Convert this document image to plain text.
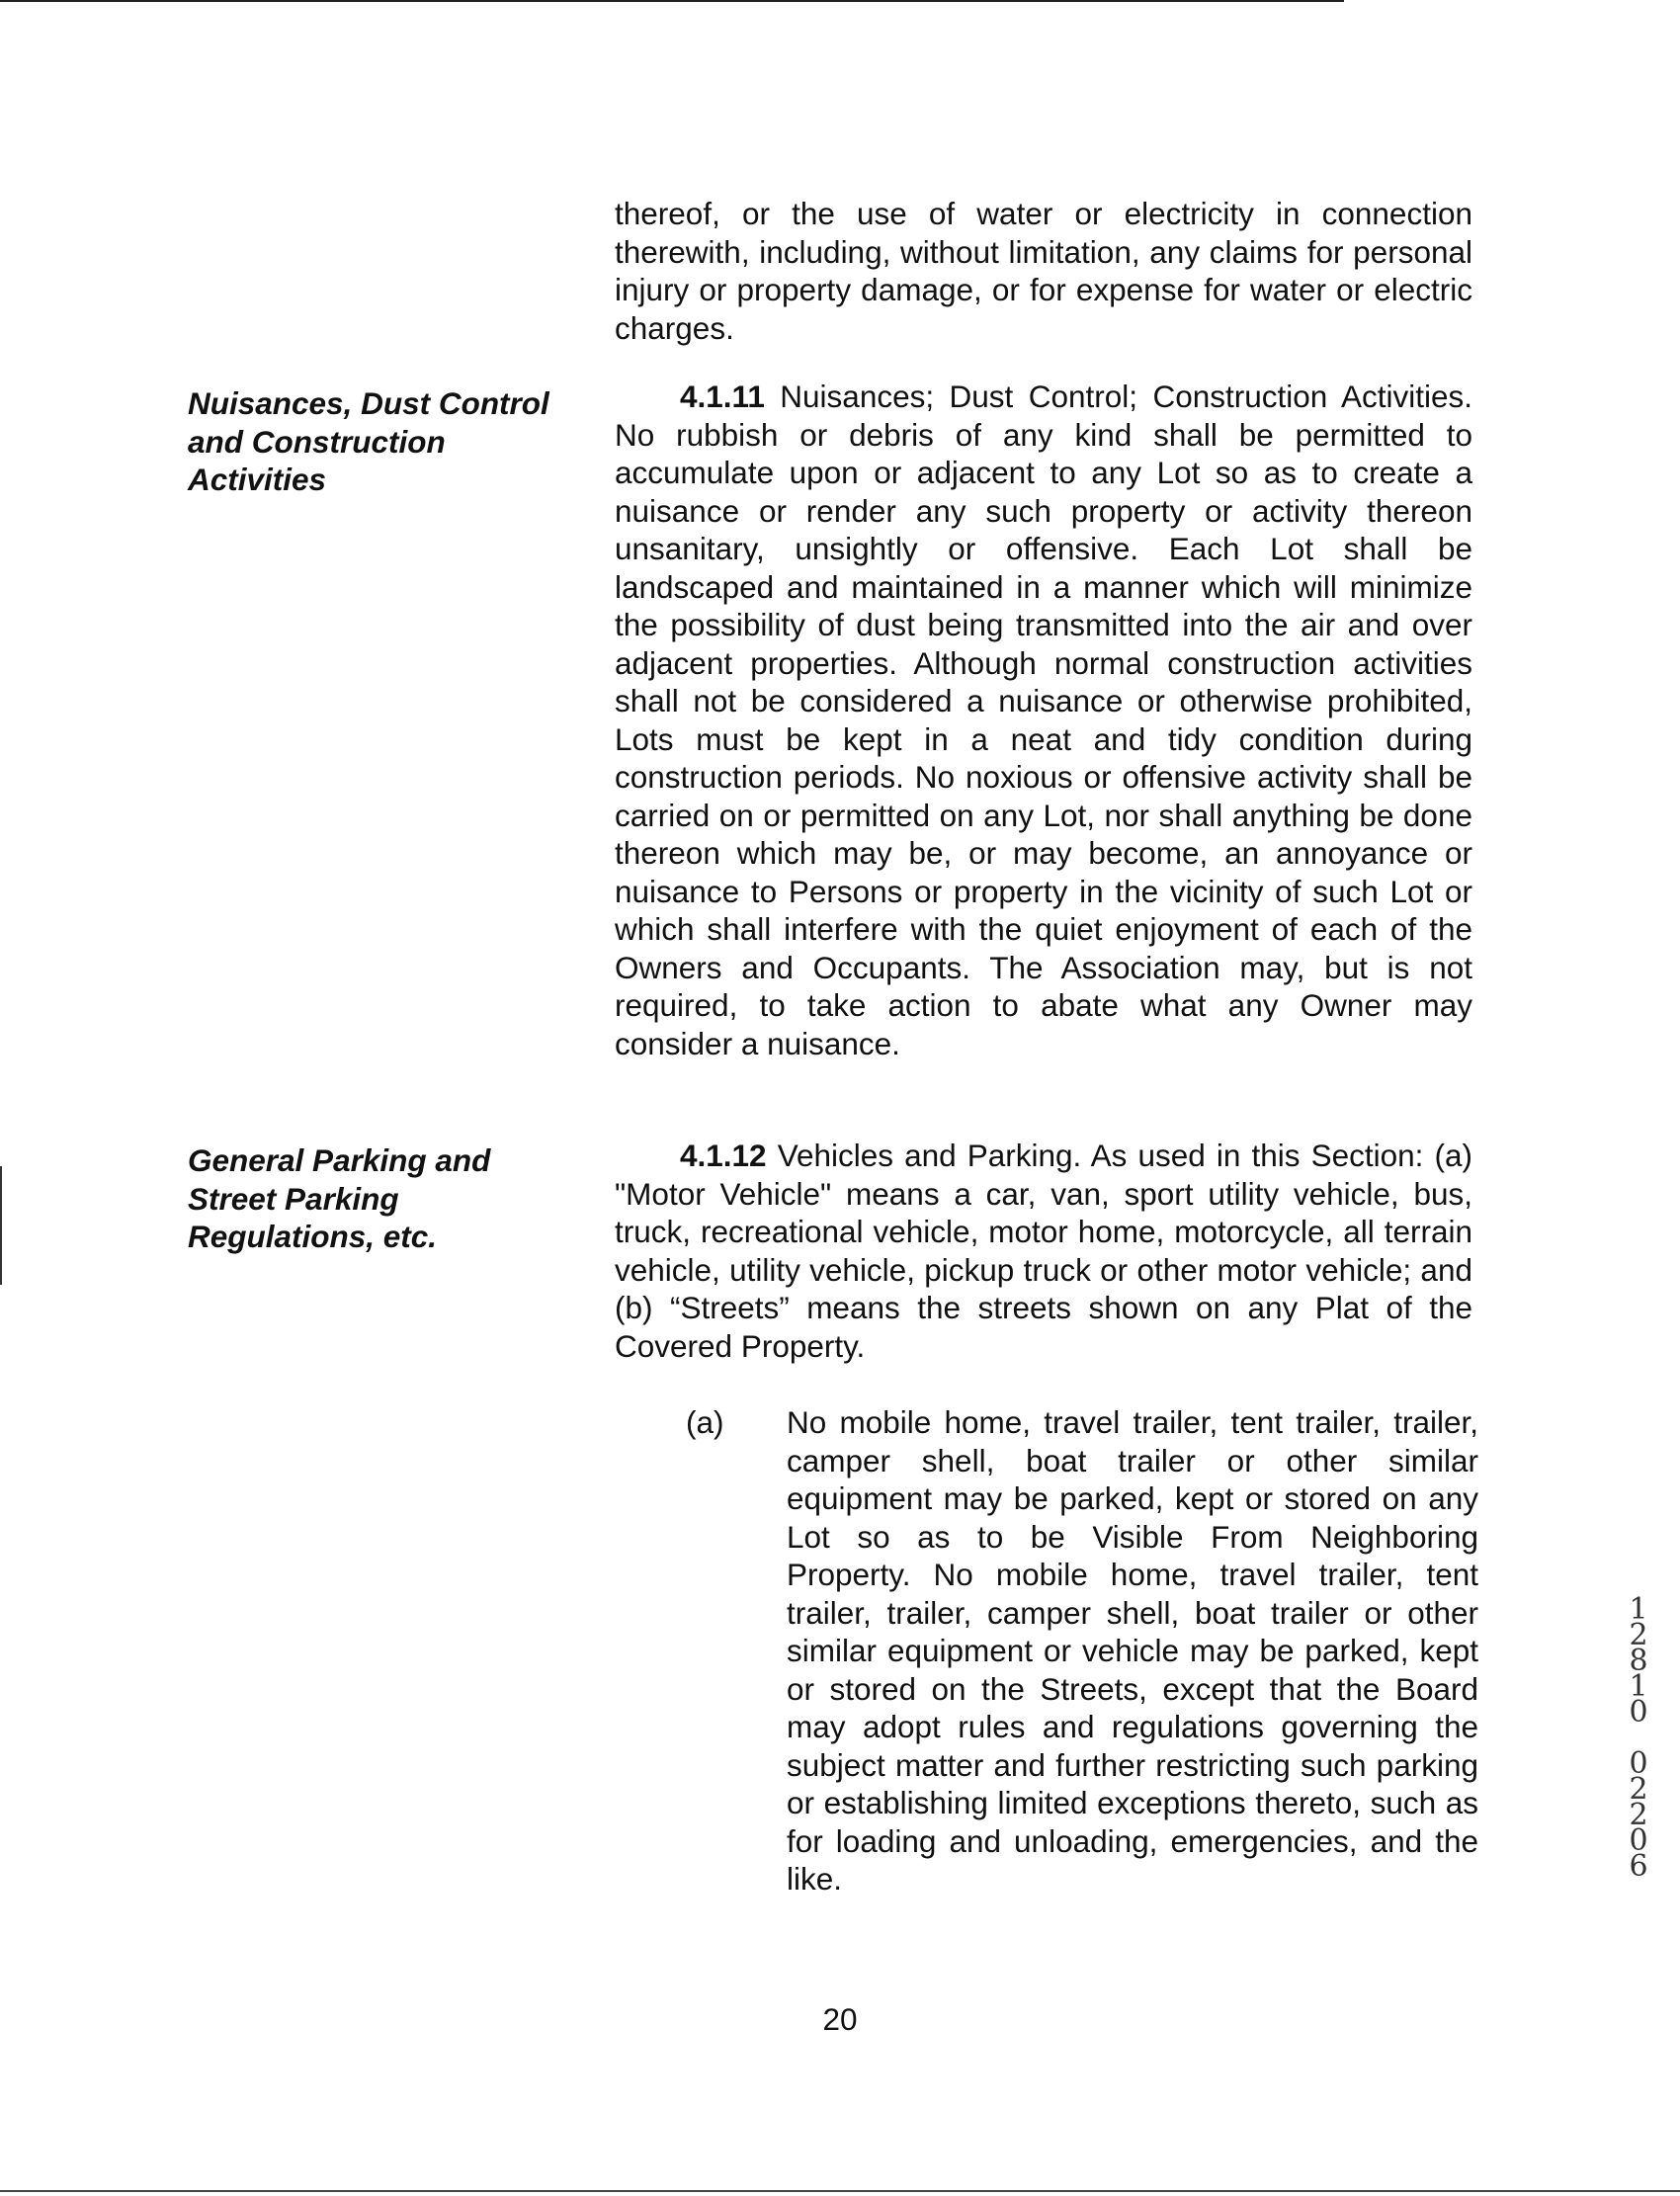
thereof, or the use of water or electricity in connection therewith, including, without limitation, any claims for personal injury or property damage, or for expense for water or electric charges.

Nuisances, Dust Control
and Construction
Activities

4.1.11 Nuisances; Dust Control; Construction Activities. No rubbish or debris of any kind shall be permitted to accumulate upon or adjacent to any Lot so as to create a nuisance or render any such property or activity thereon unsanitary, unsightly or offensive. Each Lot shall be landscaped and maintained in a manner which will minimize the possibility of dust being transmitted into the air and over adjacent properties. Although normal construction activities shall not be considered a nuisance or otherwise prohibited, Lots must be kept in a neat and tidy condition during construction periods. No noxious or offensive activity shall be carried on or permitted on any Lot, nor shall anything be done thereon which may be, or may become, an annoyance or nuisance to Persons or property in the vicinity of such Lot or which shall interfere with the quiet enjoyment of each of the Owners and Occupants. The Association may, but is not required, to take action to abate what any Owner may consider a nuisance.

General Parking and
Street Parking
Regulations, etc.

4.1.12 Vehicles and Parking. As used in this Section: (a) "Motor Vehicle" means a car, van, sport utility vehicle, bus, truck, recreational vehicle, motor home, motorcycle, all terrain vehicle, utility vehicle, pickup truck or other motor vehicle; and (b) “Streets” means the streets shown on any Plat of the Covered Property.

(a) No mobile home, travel trailer, tent trailer, trailer, camper shell, boat trailer or other similar equipment may be parked, kept or stored on any Lot so as to be Visible From Neighboring Property. No mobile home, travel trailer, tent trailer, trailer, camper shell, boat trailer or other similar equipment or vehicle may be parked, kept or stored on the Streets, except that the Board may adopt rules and regulations governing the subject matter and further restricting such parking or establishing limited exceptions thereto, such as for loading and unloading, emergencies, and the like.

20
1
2
8
1
0
0
2
2
0
6
